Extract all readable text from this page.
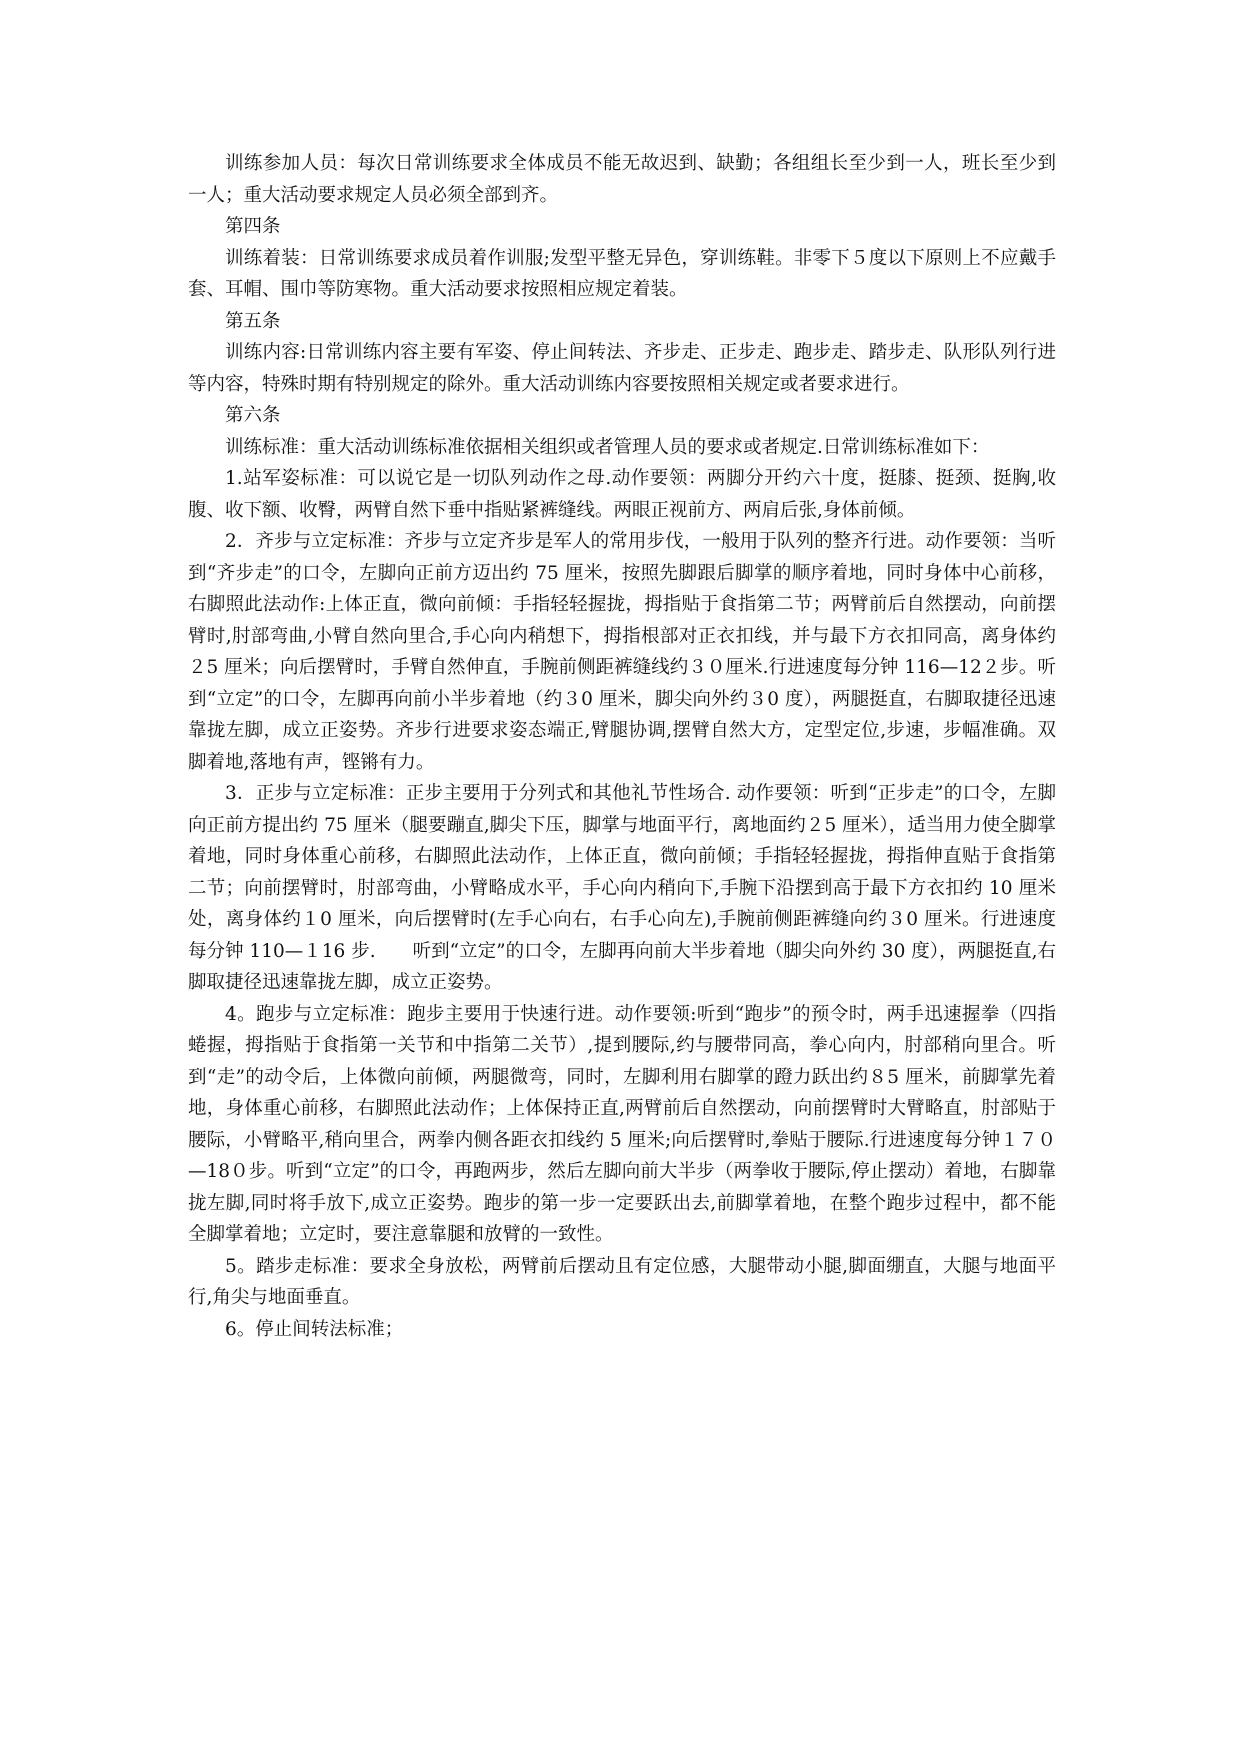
训练参加人员：每次日常训练要求全体成员不能无故迟到、缺勤；各组组长至少到一人，班长至少到一人；重大活动要求规定人员必须全部到齐。

第四条

训练着装：日常训练要求成员着作训服;发型平整无异色，穿训练鞋。非零下５度以下原则上不应戴手套、耳帽、围巾等防寒物。重大活动要求按照相应规定着装。

第五条

训练内容:日常训练内容主要有军姿、停止间转法、齐步走、正步走、跑步走、踏步走、队形队列行进等内容，特殊时期有特别规定的除外。重大活动训练内容要按照相关规定或者要求进行。

第六条

训练标准：重大活动训练标准依据相关组织或者管理人员的要求或者规定.日常训练标准如下：

1.站军姿标准：可以说它是一切队列动作之母.动作要领：两脚分开约六十度，挺膝、挺颈、挺胸,收腹、收下额、收臀，两臂自然下垂中指贴紧裤缝线。两眼正视前方、两肩后张,身体前倾。

2．齐步与立定标准：齐步与立定齐步是军人的常用步伐，一般用于队列的整齐行进。动作要领：当听到“齐步走”的口令，左脚向正前方迈出约 75 厘米，按照先脚跟后脚掌的顺序着地，同时身体中心前移，右脚照此法动作:上体正直，微向前倾：手指轻轻握拢，拇指贴于食指第二节；两臂前后自然摆动，向前摆臂时,肘部弯曲,小臂自然向里合,手心向内稍想下，拇指根部对正衣扣线，并与最下方衣扣同高，离身体约２5 厘米；向后摆臂时，手臂自然伸直，手腕前侧距裤缝线约３０厘米.行进速度每分钟 116—12２步。听到“立定”的口令，左脚再向前小半步着地（约３0 厘米，脚尖向外约３0 度），两腿挺直，右脚取捷径迅速靠拢左脚，成立正姿势。齐步行进要求姿态端正,臂腿协调,摆臂自然大方，定型定位,步速，步幅准确。双脚着地,落地有声，铿锵有力。

3．正步与立定标准：正步主要用于分列式和其他礼节性场合. 动作要领：听到“正步走”的口令，左脚向正前方提出约 75 厘米（腿要蹦直,脚尖下压，脚掌与地面平行，离地面约２5 厘米），适当用力使全脚掌着地，同时身体重心前移，右脚照此法动作，上体正直，微向前倾；手指轻轻握拢，拇指伸直贴于食指第二节；向前摆臂时，肘部弯曲，小臂略成水平，手心向内稍向下,手腕下沿摆到高于最下方衣扣约 10 厘米处，离身体约１0 厘米，向后摆臂时(左手心向右，右手心向左),手腕前侧距裤缝向约３0 厘米。行进速度每分钟 110—１16 步.　　听到“立定”的口令，左脚再向前大半步着地（脚尖向外约 30 度），两腿挺直,右脚取捷径迅速靠拢左脚，成立正姿势。

4。跑步与立定标准：跑步主要用于快速行进。动作要领:听到“跑步”的预令时，两手迅速握拳（四指蜷握，拇指贴于食指第一关节和中指第二关节）,提到腰际,约与腰带同高，拳心向内，肘部稍向里合。听到“走”的动令后，上体微向前倾，两腿微弯，同时，左脚利用右脚掌的蹬力跃出约８5 厘米，前脚掌先着地，身体重心前移，右脚照此法动作；上体保持正直,两臂前后自然摆动，向前摆臂时大臂略直，肘部贴于腰际，小臂略平,稍向里合，两拳内侧各距衣扣线约 5 厘米;向后摆臂时,拳贴于腰际.行进速度每分钟１７０—18０步。听到“立定”的口令，再跑两步，然后左脚向前大半步（两拳收于腰际,停止摆动）着地，右脚靠拢左脚,同时将手放下,成立正姿势。跑步的第一步一定要跃出去,前脚掌着地，在整个跑步过程中，都不能全脚掌着地；立定时，要注意靠腿和放臂的一致性。

5。踏步走标准：要求全身放松，两臂前后摆动且有定位感，大腿带动小腿,脚面绷直，大腿与地面平行,角尖与地面垂直。

6。停止间转法标准；
